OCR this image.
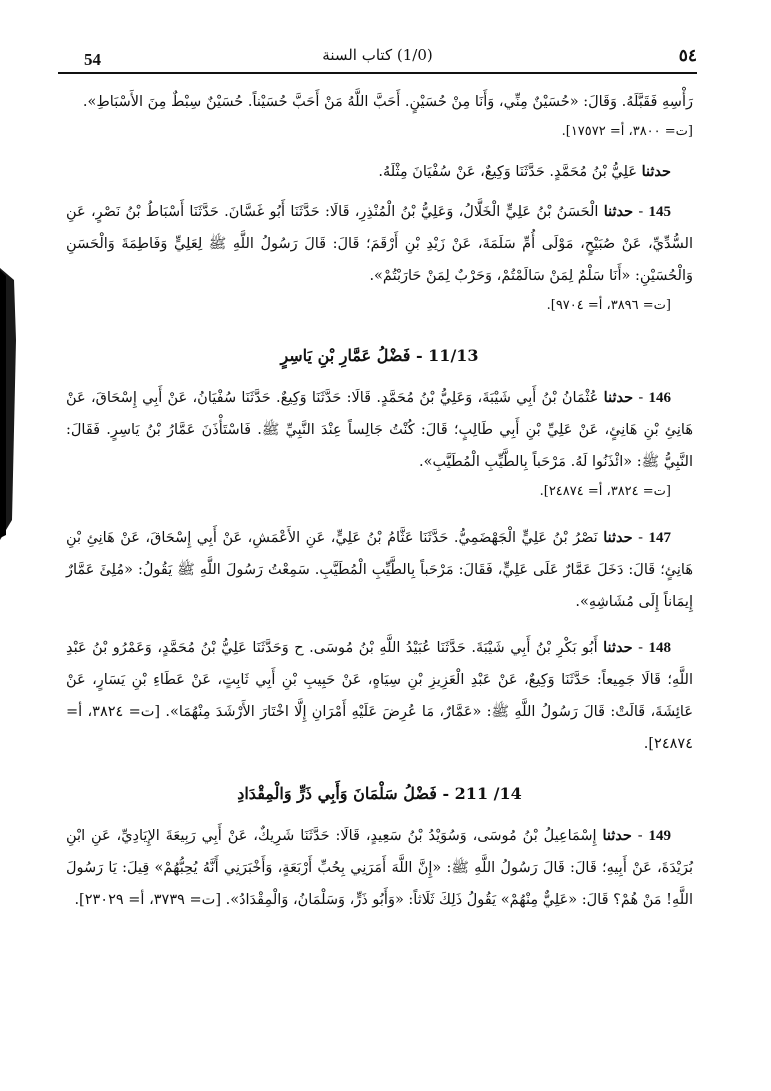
54	(1/0) كتاب السنة	٥٤

رَأْسِهِ فَقَبَّلَهُ. وَقَالَ: «حُسَيْنٌ مِنِّي، وَأَنَا مِنْ حُسَيْنٍ. أَحَبَّ اللَّهُ مَنْ أَحَبَّ حُسَيْناً. حُسَيْنٌ سِبْطٌ مِنَ الأَسْبَاطِ».
[ت= ٣٨٠٠، أ= ١٧٥٧٢].

حدثنا عَلِيُّ بْنُ مُحَمَّدٍ. حَدَّثَنَا وَكِيعٌ، عَنْ سُفْيَانَ مِثْلَهُ.

145 - حدثنا الْحَسَنُ بْنُ عَلِيٍّ الْخَلَّالُ، وَعَلِيُّ بْنُ الْمُنْذِرِ، قَالَا: حَدَّثَنَا أَبُو غَسَّانَ. حَدَّثَنَا أَسْبَاطُ بْنُ نَصْرٍ، عَنِ السُّدِّيِّ، عَنْ صُبَيْحٍ، مَوْلَى أُمِّ سَلَمَةَ، عَنْ زَيْدِ بْنِ أَرْقَمَ؛ قَالَ: قَالَ رَسُولُ اللَّهِ ﷺ لِعَلِيٍّ وَفَاطِمَةَ وَالْحَسَنِ وَالْحُسَيْنِ: «أَنَا سَلْمٌ لِمَنْ سَالَمْتُمْ، وَحَرْبٌ لِمَنْ حَارَبْتُمْ».
[ت= ٣٨٩٦، أ= ٩٧٠٤].

11/13 - فَضْلُ عَمَّارِ بْنِ يَاسِرٍ

146 - حدثنا عُثْمَانُ بْنُ أَبِي شَيْبَةَ، وَعَلِيُّ بْنُ مُحَمَّدٍ. قَالَا: حَدَّثَنَا وَكِيعٌ. حَدَّثَنَا سُفْيَانُ، عَنْ أَبِي إِسْحَاقَ، عَنْ هَانِئِ بْنِ هَانِئٍ، عَنْ عَلِيِّ بْنِ أَبِي طَالِبٍ؛ قَالَ: كُنْتُ جَالِساً عِنْدَ النَّبِيِّ ﷺ. فَاسْتَأْذَنَ عَمَّارُ بْنُ يَاسِرٍ. فَقَالَ: النَّبِيُّ ﷺ: «ائْذَنُوا لَهُ. مَرْحَباً بِالطَّيِّبِ الْمُطَيَّبِ».
[ت= ٣٨٢٤، أ= ٢٤٨٧٤].

147 - حدثنا نَصْرُ بْنُ عَلِيٍّ الْجَهْضَمِيُّ. حَدَّثَنَا عَثَّامُ بْنُ عَلِيٍّ، عَنِ الأَعْمَشِ، عَنْ أَبِي إِسْحَاقَ، عَنْ هَانِئِ بْنِ هَانِئٍ؛ قَالَ: دَخَلَ عَمَّارٌ عَلَى عَلِيٍّ، فَقَالَ: مَرْحَباً بِالطَّيِّبِ الْمُطَيَّبِ. سَمِعْتُ رَسُولَ اللَّهِ ﷺ يَقُولُ: «مُلِئَ عَمَّارٌ إِيمَاناً إِلَى مُشَاشِهِ».

148 - حدثنا أَبُو بَكْرِ بْنُ أَبِي شَيْبَةَ. حَدَّثَنَا عُبَيْدُ اللَّهِ بْنُ مُوسَى. ح وَحَدَّثَنَا عَلِيُّ بْنُ مُحَمَّدٍ، وَعَمْرُو بْنُ عَبْدِ اللَّهِ؛ قَالَا جَمِيعاً: حَدَّثَنَا وَكِيعٌ، عَنْ عَبْدِ الْعَزِيزِ بْنِ سِيَاهٍ، عَنْ حَبِيبِ بْنِ أَبِي ثَابِتٍ، عَنْ عَطَاءِ بْنِ يَسَارٍ، عَنْ عَائِشَةَ، قَالَتْ: قَالَ رَسُولُ اللَّهِ ﷺ: «عَمَّارٌ، مَا عُرِضَ عَلَيْهِ أَمْرَانِ إِلَّا اخْتَارَ الأَرْشَدَ مِنْهُمَا». [ت= ٣٨٢٤، أ= ٢٤٨٧٤].

14/ 211 - فَضْلُ سَلْمَانَ وَأَبِي ذَرٍّ وَالْمِقْدَادِ

149 - حدثنا إِسْمَاعِيلُ بْنُ مُوسَى، وَسُوَيْدُ بْنُ سَعِيدٍ، قَالَا: حَدَّثَنَا شَرِيكٌ، عَنْ أَبِي رَبِيعَةَ الإِيَادِيِّ، عَنِ ابْنِ بُرَيْدَةَ، عَنْ أَبِيهِ؛ قَالَ: قَالَ رَسُولُ اللَّهِ ﷺ: «إِنَّ اللَّهَ أَمَرَنِي بِحُبِّ أَرْبَعَةٍ، وَأَخْبَرَنِي أَنَّهُ يُحِبُّهُمْ» قِيلَ: يَا رَسُولَ اللَّهِ! مَنْ هُمْ؟ قَالَ: «عَلِيٌّ مِنْهُمْ» يَقُولُ ذَلِكَ ثَلَاثاً: «وَأَبُو ذَرٍّ، وَسَلْمَانُ، وَالْمِقْدَادُ». [ت= ٣٧٣٩، أ= ٢٣٠٢٩].
